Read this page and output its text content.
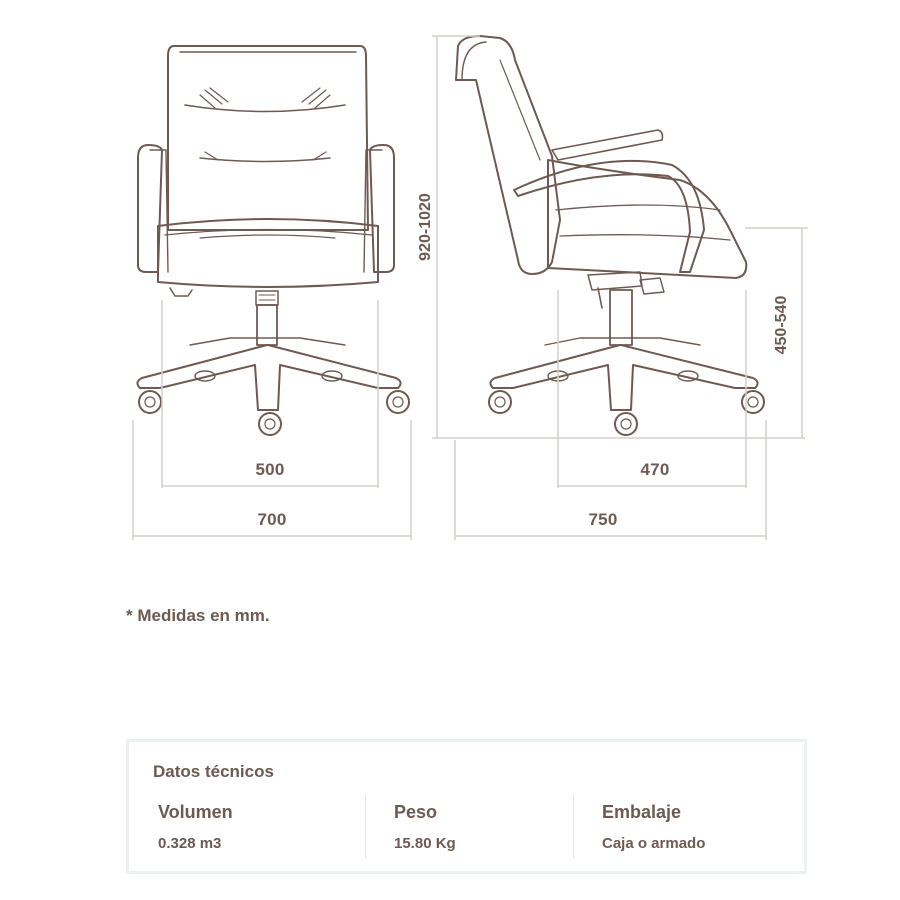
500
700
470
750
920-1020
450-540
* Medidas en mm.
Datos técnicos
Volumen
0.328 m3
Peso
15.80 Kg
Embalaje
Caja o armado
